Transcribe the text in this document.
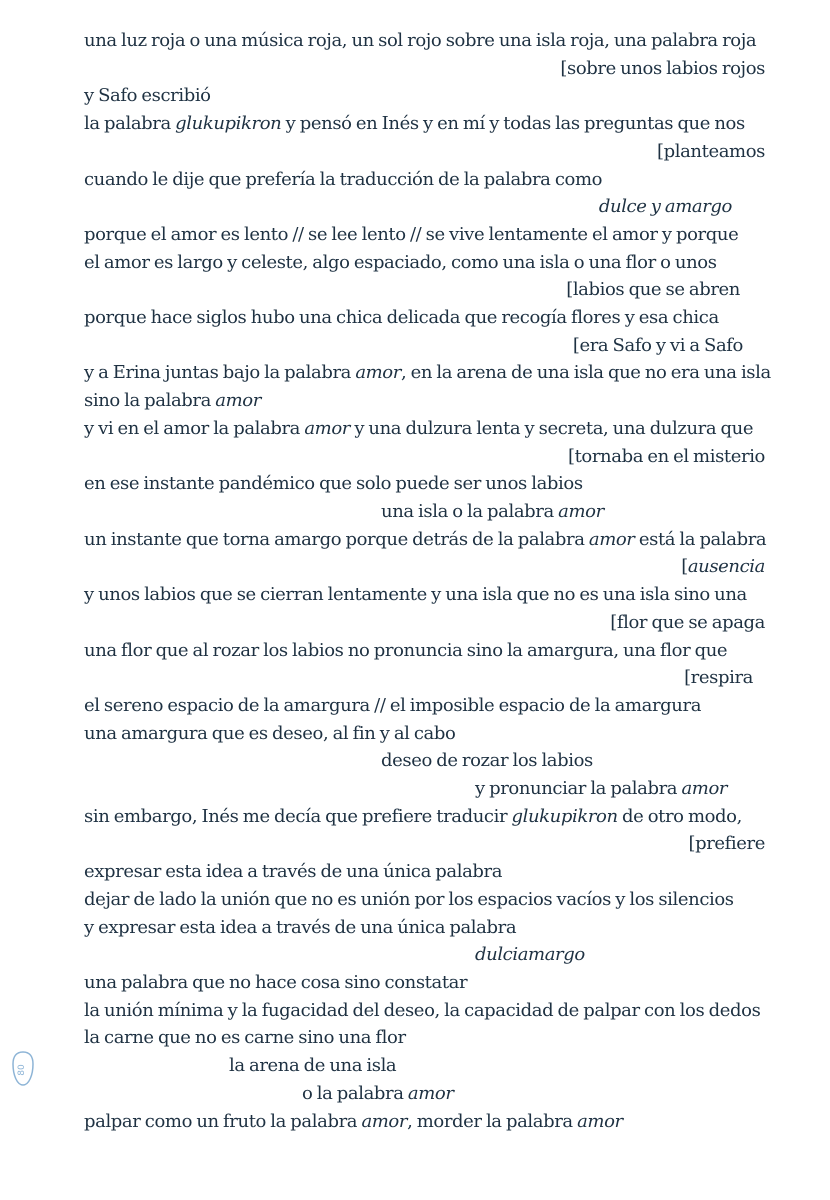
una luz roja o una música roja, un sol rojo sobre una isla roja, una palabra roja
[sobre unos labios rojos
y Safo escribió
la palabra glukupikron y pensó en Inés y en mí y todas las preguntas que nos
[planteamos
cuando le dije que prefería la traducción de la palabra como
dulce y amargo
porque el amor es lento // se lee lento // se vive lentamente el amor y porque
el amor es largo y celeste, algo espaciado, como una isla o una flor o unos
[labios que se abren
porque hace siglos hubo una chica delicada que recogía flores y esa chica
[era Safo y vi a Safo
y a Erina juntas bajo la palabra amor, en la arena de una isla que no era una isla
sino la palabra amor
y vi en el amor la palabra amor y una dulzura lenta y secreta, una dulzura que
[tornaba en el misterio
en ese instante pandémico que solo puede ser unos labios
una isla o la palabra amor
un instante que torna amargo porque detrás de la palabra amor está la palabra
[ausencia
y unos labios que se cierran lentamente y una isla que no es una isla sino una
[flor que se apaga
una flor que al rozar los labios no pronuncia sino la amargura, una flor que
[respira
el sereno espacio de la amargura // el imposible espacio de la amargura
una amargura que es deseo, al fin y al cabo
deseo de rozar los labios
y pronunciar la palabra amor
sin embargo, Inés me decía que prefiere traducir glukupikron de otro modo,
[prefiere
expresar esta idea a través de una única palabra
dejar de lado la unión que no es unión por los espacios vacíos y los silencios
y expresar esta idea a través de una única palabra
dulciamargo
una palabra que no hace cosa sino constatar
la unión mínima y la fugacidad del deseo, la capacidad de palpar con los dedos
la carne que no es carne sino una flor
la arena de una isla
o la palabra amor
palpar como un fruto la palabra amor, morder la palabra amor
80
